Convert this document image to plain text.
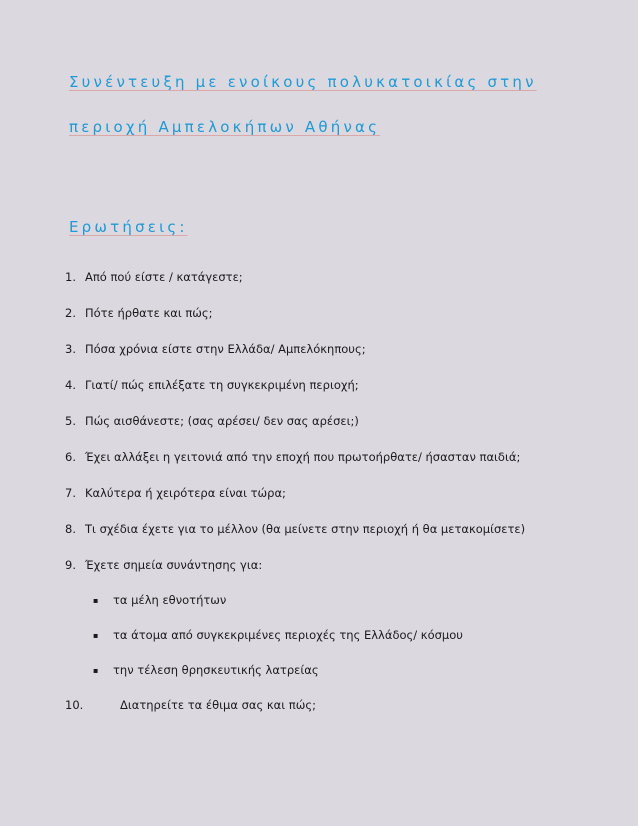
Συνέντευξη με ενοίκους πολυκατοικίας στην
περιοχή Αμπελοκήπων Αθήνας
Ερωτήσεις:
1. Από πού είστε / κατάγεστε;
2. Πότε ήρθατε και πώς;
3. Πόσα χρόνια είστε στην Ελλάδα/ Αμπελόκηπους;
4. Γιατί/ πώς επιλέξατε τη συγκεκριμένη περιοχή;
5. Πώς αισθάνεστε; (σας αρέσει/ δεν σας αρέσει;)
6. Έχει αλλάξει η γειτονιά από την εποχή που πρωτοήρθατε/ ήσασταν παιδιά;
7. Καλύτερα ή χειρότερα είναι τώρα;
8. Τι σχέδια έχετε για το μέλλον (θα μείνετε στην περιοχή ή θα μετακομίσετε)
9. Έχετε σημεία συνάντησης για:
▪ τα μέλη εθνοτήτων
▪ τα άτομα από συγκεκριμένες περιοχές της Ελλάδος/ κόσμου
▪ την τέλεση θρησκευτικής λατρείας
10.	Διατηρείτε τα έθιμα σας και πώς;
